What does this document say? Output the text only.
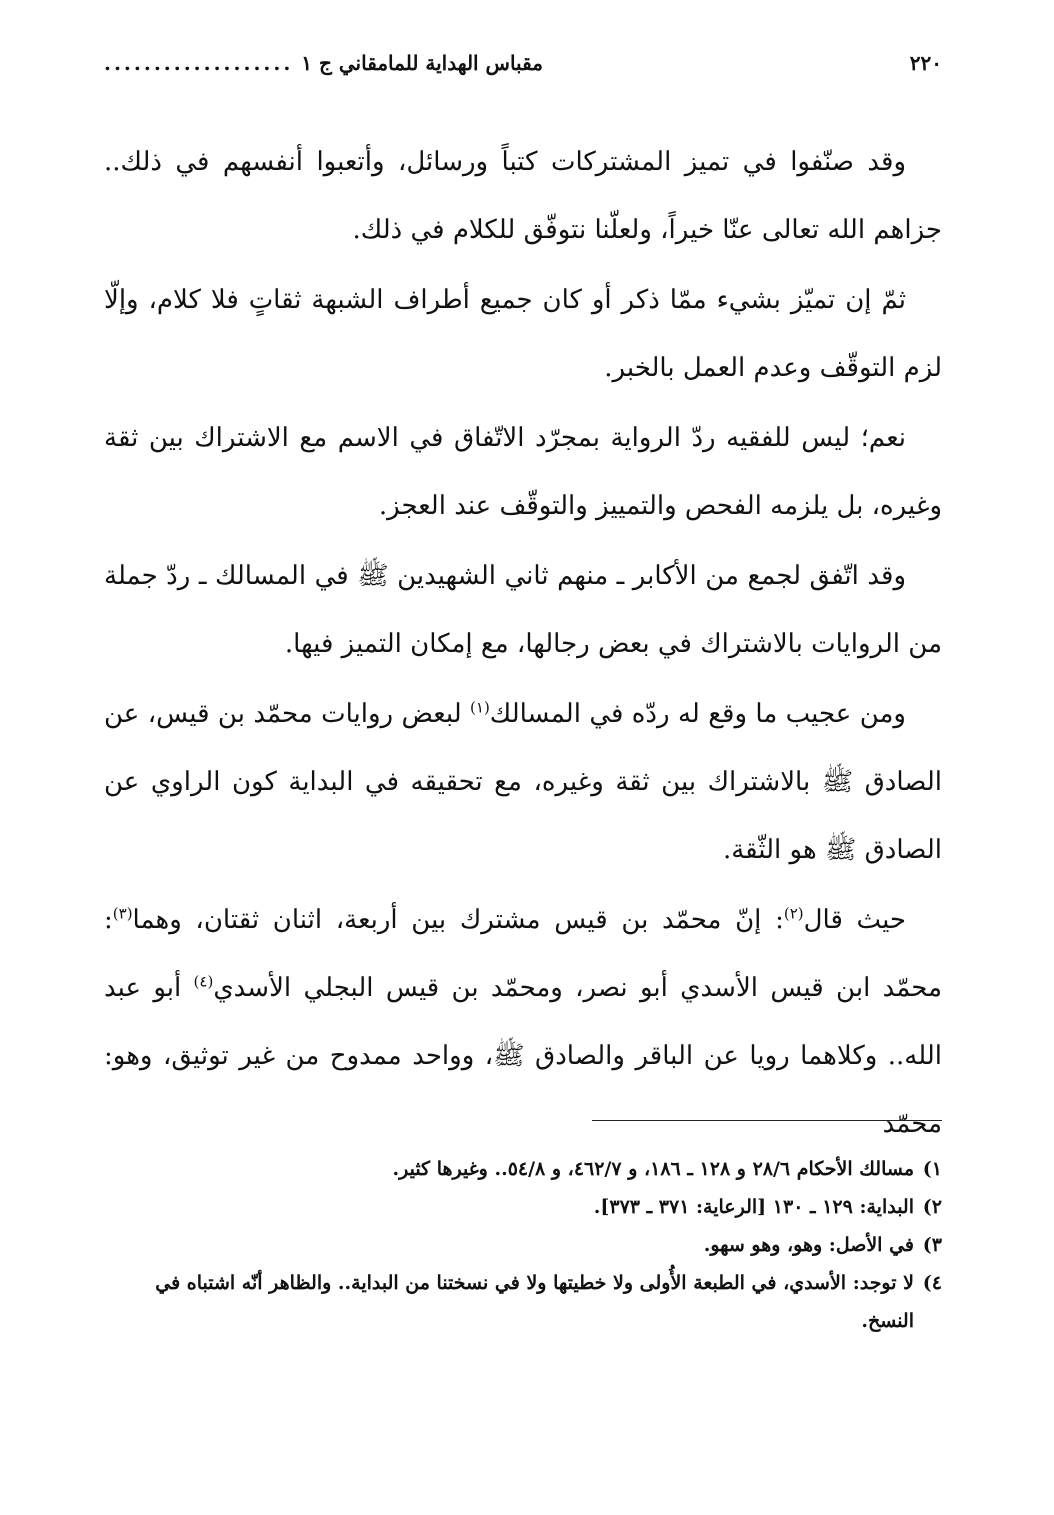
٢٢٠
مقباس الهداية للمامقاني ج ١
...................

وقد صنّفوا في تميز المشتركات كتباً ورسائل، وأتعبوا أنفسهم في ذلك.. جزاهم الله تعالى عنّا خيراً، ولعلّنا نتوفّق للكلام في ذلك.

ثمّ إن تميّز بشيء ممّا ذكر أو كان جميع أطراف الشبهة ثقاتٍ فلا كلام، وإلّا لزم التوقّف وعدم العمل بالخبر.

نعم؛ ليس للفقيه ردّ الرواية بمجرّد الاتّفاق في الاسم مع الاشتراك بين ثقة وغيره، بل يلزمه الفحص والتمييز والتوقّف عند العجز.

وقد اتّفق لجمع من الأكابر ـ منهم ثاني الشهيدين ﷺ في المسالك ـ ردّ جملة من الروايات بالاشتراك في بعض رجالها، مع إمكان التميز فيها.

ومن عجيب ما وقع له ردّه في المسالك$^{(١)}$ لبعض روايات محمّد بن قيس، عن الصادق ﷺ بالاشتراك بين ثقة وغيره، مع تحقيقه في البداية كون الراوي عن الصادق ﷺ هو الثّقة.

حيث قال$^{(٢)}$: إنّ محمّد بن قيس مشترك بين أربعة، اثنان ثقتان، وهما$^{(٣)}$: محمّد ابن قيس الأسدي أبو نصر، ومحمّد بن قيس البجلي الأسدي$^{(٤)}$ أبو عبد الله.. وكلاهما رويا عن الباقر والصادق ﷺ، وواحد ممدوح من غير توثيق، وهو: محمّد

١)
مسالك الأحكام ٢٨/٦ و ١٢٨ ـ ١٨٦، و ٤٦٢/٧، و ٥٤/٨.. وغيرها كثير.
٢)
البداية: ١٢٩ ـ ١٣٠ [الرعاية: ٣٧١ ـ ٣٧٣].
٣)
في الأصل: وهو، وهو سهو.
٤)
لا توجد: الأسدي، في الطبعة الأُولى ولا خطيتها ولا في نسختنا من البداية.. والظاهر أنّه اشتباه في النسخ.
